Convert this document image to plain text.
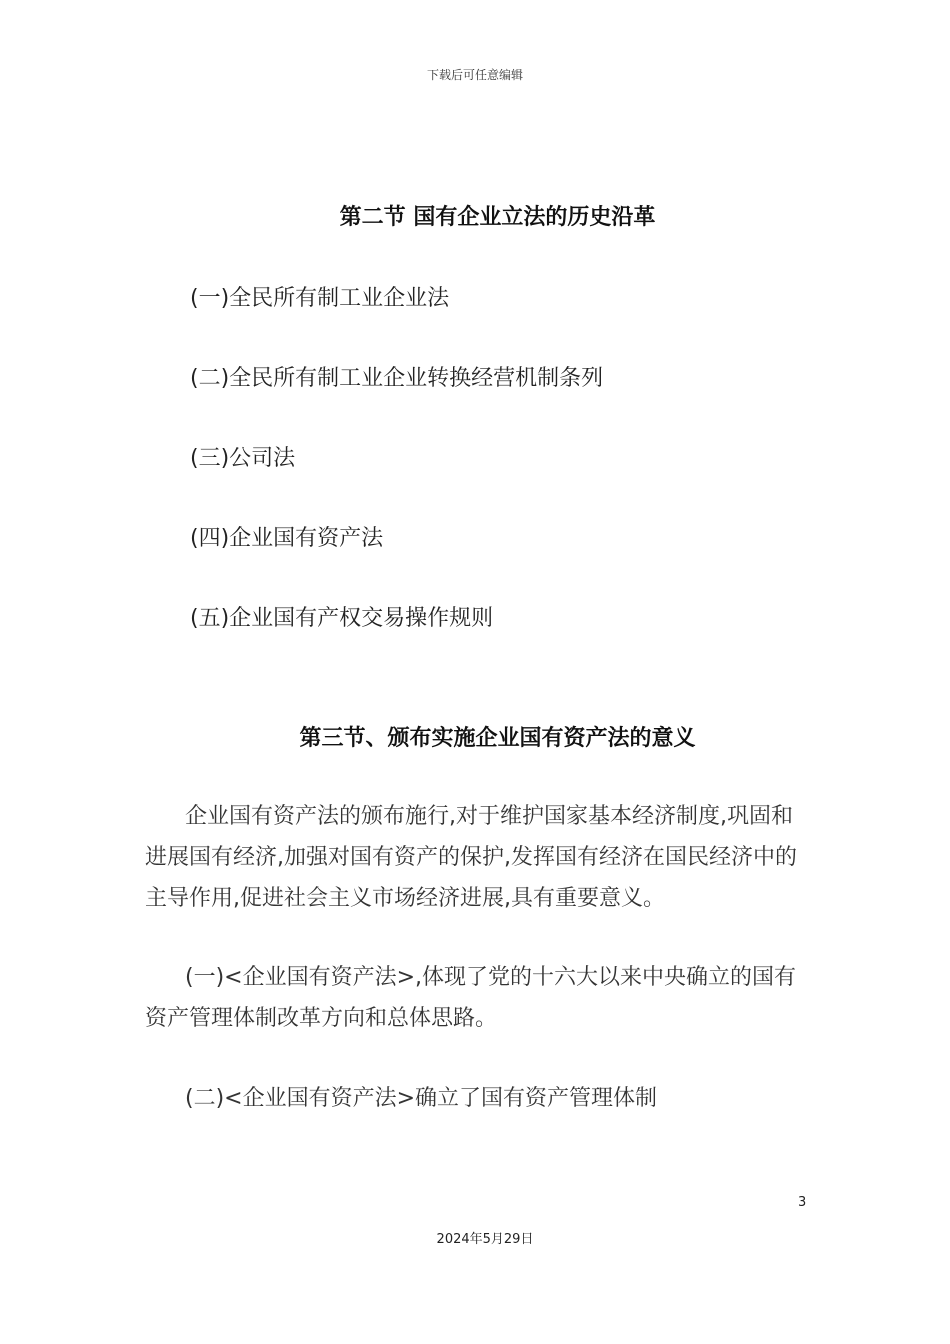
下载后可任意编辑
第二节 国有企业立法的历史沿革
(一)全民所有制工业企业法
(二)全民所有制工业企业转换经营机制条列
(三)公司法
(四)企业国有资产法
(五)企业国有产权交易操作规则
第三节、颁布实施企业国有资产法的意义

企业国有资产法的颁布施行,对于维护国家基本经济制度,巩固和进展国有经济,加强对国有资产的保护,发挥国有经济在国民经济中的主导作用,促进社会主义市场经济进展,具有重要意义。

(一)<企业国有资产法>,体现了党的十六大以来中央确立的国有资产管理体制改革方向和总体思路。

(二)<企业国有资产法>确立了国有资产管理体制

3
2024年5月29日
